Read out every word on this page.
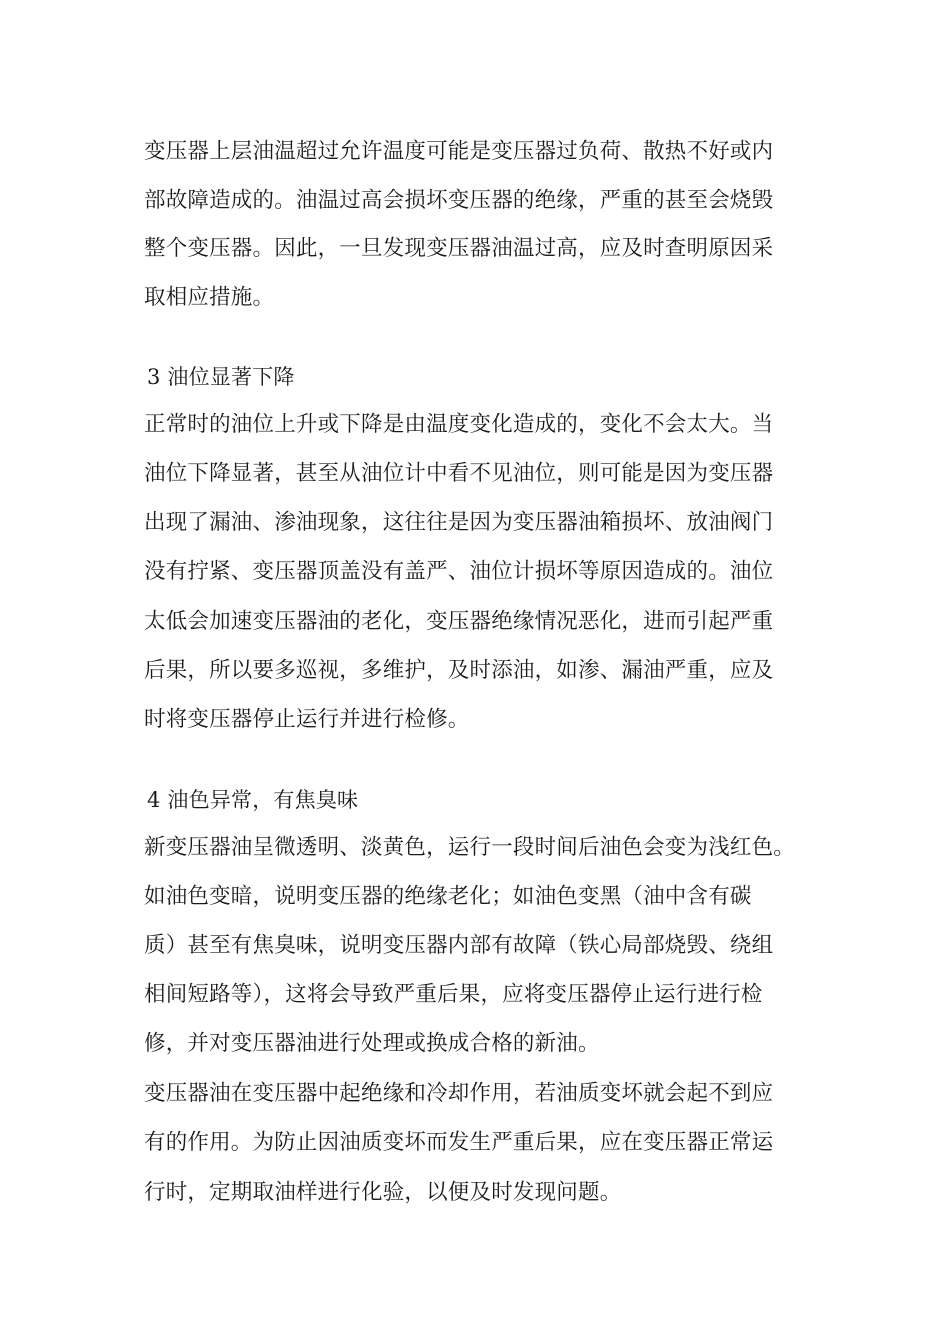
变压器上层油温超过允许温度可能是变压器过负荷、散热不好或内
部故障造成的。油温过高会损坏变压器的绝缘，严重的甚至会烧毁
整个变压器。因此，一旦发现变压器油温过高，应及时查明原因采
取相应措施。
3 油位显著下降
正常时的油位上升或下降是由温度变化造成的，变化不会太大。当
油位下降显著，甚至从油位计中看不见油位，则可能是因为变压器
出现了漏油、渗油现象，这往往是因为变压器油箱损坏、放油阀门
没有拧紧、变压器顶盖没有盖严、油位计损坏等原因造成的。油位
太低会加速变压器油的老化，变压器绝缘情况恶化，进而引起严重
后果，所以要多巡视，多维护，及时添油，如渗、漏油严重，应及
时将变压器停止运行并进行检修。
4 油色异常，有焦臭味
新变压器油呈微透明、淡黄色，运行一段时间后油色会变为浅红色。
如油色变暗，说明变压器的绝缘老化；如油色变黑（油中含有碳
质）甚至有焦臭味，说明变压器内部有故障（铁心局部烧毁、绕组
相间短路等），这将会导致严重后果，应将变压器停止运行进行检
修，并对变压器油进行处理或换成合格的新油。
变压器油在变压器中起绝缘和冷却作用，若油质变坏就会起不到应
有的作用。为防止因油质变坏而发生严重后果，应在变压器正常运
行时，定期取油样进行化验，以便及时发现问题。
